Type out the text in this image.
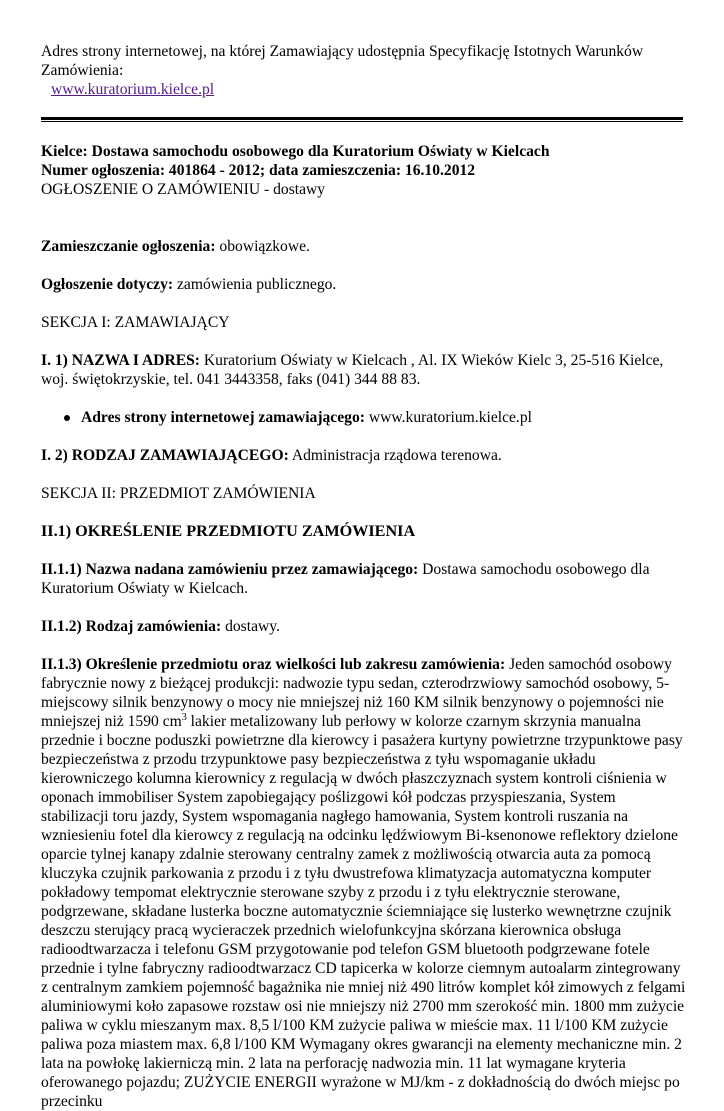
Adres strony internetowej, na której Zamawiający udostępnia Specyfikację Istotnych Warunków Zamówienia:
www.kuratorium.kielce.pl

Kielce: Dostawa samochodu osobowego dla Kuratorium Oświaty w Kielcach

Numer ogłoszenia: 401864 - 2012; data zamieszczenia: 16.10.2012

OGŁOSZENIE O ZAMÓWIENIU - dostawy

Zamieszczanie ogłoszenia: obowiązkowe.

Ogłoszenie dotyczy: zamówienia publicznego.

SEKCJA I: ZAMAWIAJĄCY

I. 1) NAZWA I ADRES: Kuratorium Oświaty w Kielcach , Al. IX Wieków Kielc 3, 25-516 Kielce, woj. świętokrzyskie, tel. 041 3443358, faks (041) 344 88 83.

Adres strony internetowej zamawiającego: www.kuratorium.kielce.pl

I. 2) RODZAJ ZAMAWIAJĄCEGO: Administracja rządowa terenowa.

SEKCJA II: PRZEDMIOT ZAMÓWIENIA

II.1) OKREŚLENIE PRZEDMIOTU ZAMÓWIENIA

II.1.1) Nazwa nadana zamówieniu przez zamawiającego: Dostawa samochodu osobowego dla Kuratorium Oświaty w Kielcach.

II.1.2) Rodzaj zamówienia: dostawy.

II.1.3) Określenie przedmiotu oraz wielkości lub zakresu zamówienia: Jeden samochód osobowy fabrycznie nowy z bieżącej produkcji: nadwozie typu sedan, czterodrzwiowy samochód osobowy, 5-miejscowy silnik benzynowy o mocy nie mniejszej niż 160 KM silnik benzynowy o pojemności nie mniejszej niż 1590 $cm^3$ lakier metalizowany lub perłowy w kolorze czarnym skrzynia manualna przednie i boczne poduszki powietrzne dla kierowcy i pasażera kurtyny powietrzne trzypunktowe pasy bezpieczeństwa z przodu trzypunktowe pasy bezpieczeństwa z tyłu wspomaganie układu kierowniczego kolumna kierownicy z regulacją w dwóch płaszczyznach system kontroli ciśnienia w oponach immobiliser System zapobiegający poślizgowi kół podczas przyspieszania, System stabilizacji toru jazdy, System wspomagania nagłego hamowania, System kontroli ruszania na wzniesieniu fotel dla kierowcy z regulacją na odcinku lędźwiowym Bi-ksenonowe reflektory dzielone oparcie tylnej kanapy zdalnie sterowany centralny zamek z możliwością otwarcia auta za pomocą kluczyka czujnik parkowania z przodu i z tyłu dwustrefowa klimatyzacja automatyczna komputer pokładowy tempomat elektrycznie sterowane szyby z przodu i z tyłu elektrycznie sterowane, podgrzewane, składane lusterka boczne automatycznie ściemniające się lusterko wewnętrzne czujnik deszczu sterujący pracą wycieraczek przednich wielofunkcyjna skórzana kierownica obsługa radioodtwarzacza i telefonu GSM przygotowanie pod telefon GSM bluetooth podgrzewane fotele przednie i tylne fabryczny radioodtwarzacz CD tapicerka w kolorze ciemnym autoalarm zintegrowany z centralnym zamkiem pojemność bagażnika nie mniej niż 490 litrów komplet kół zimowych z felgami aluminiowymi koło zapasowe rozstaw osi nie mniejszy niż 2700 mm szerokość min. 1800 mm zużycie paliwa w cyklu mieszanym max. 8,5 l/100 KM zużycie paliwa w mieście max. 11 l/100 KM zużycie paliwa poza miastem max. 6,8 l/100 KM Wymagany okres gwarancji na elementy mechaniczne min. 2 lata na powłokę lakierniczą min. 2 lata na perforację nadwozia min. 11 lat wymagane kryteria oferowanego pojazdu; ZUŻYCIE ENERGII wyrażone w MJ/km - z dokładnością do dwóch miejsc po przecinku
